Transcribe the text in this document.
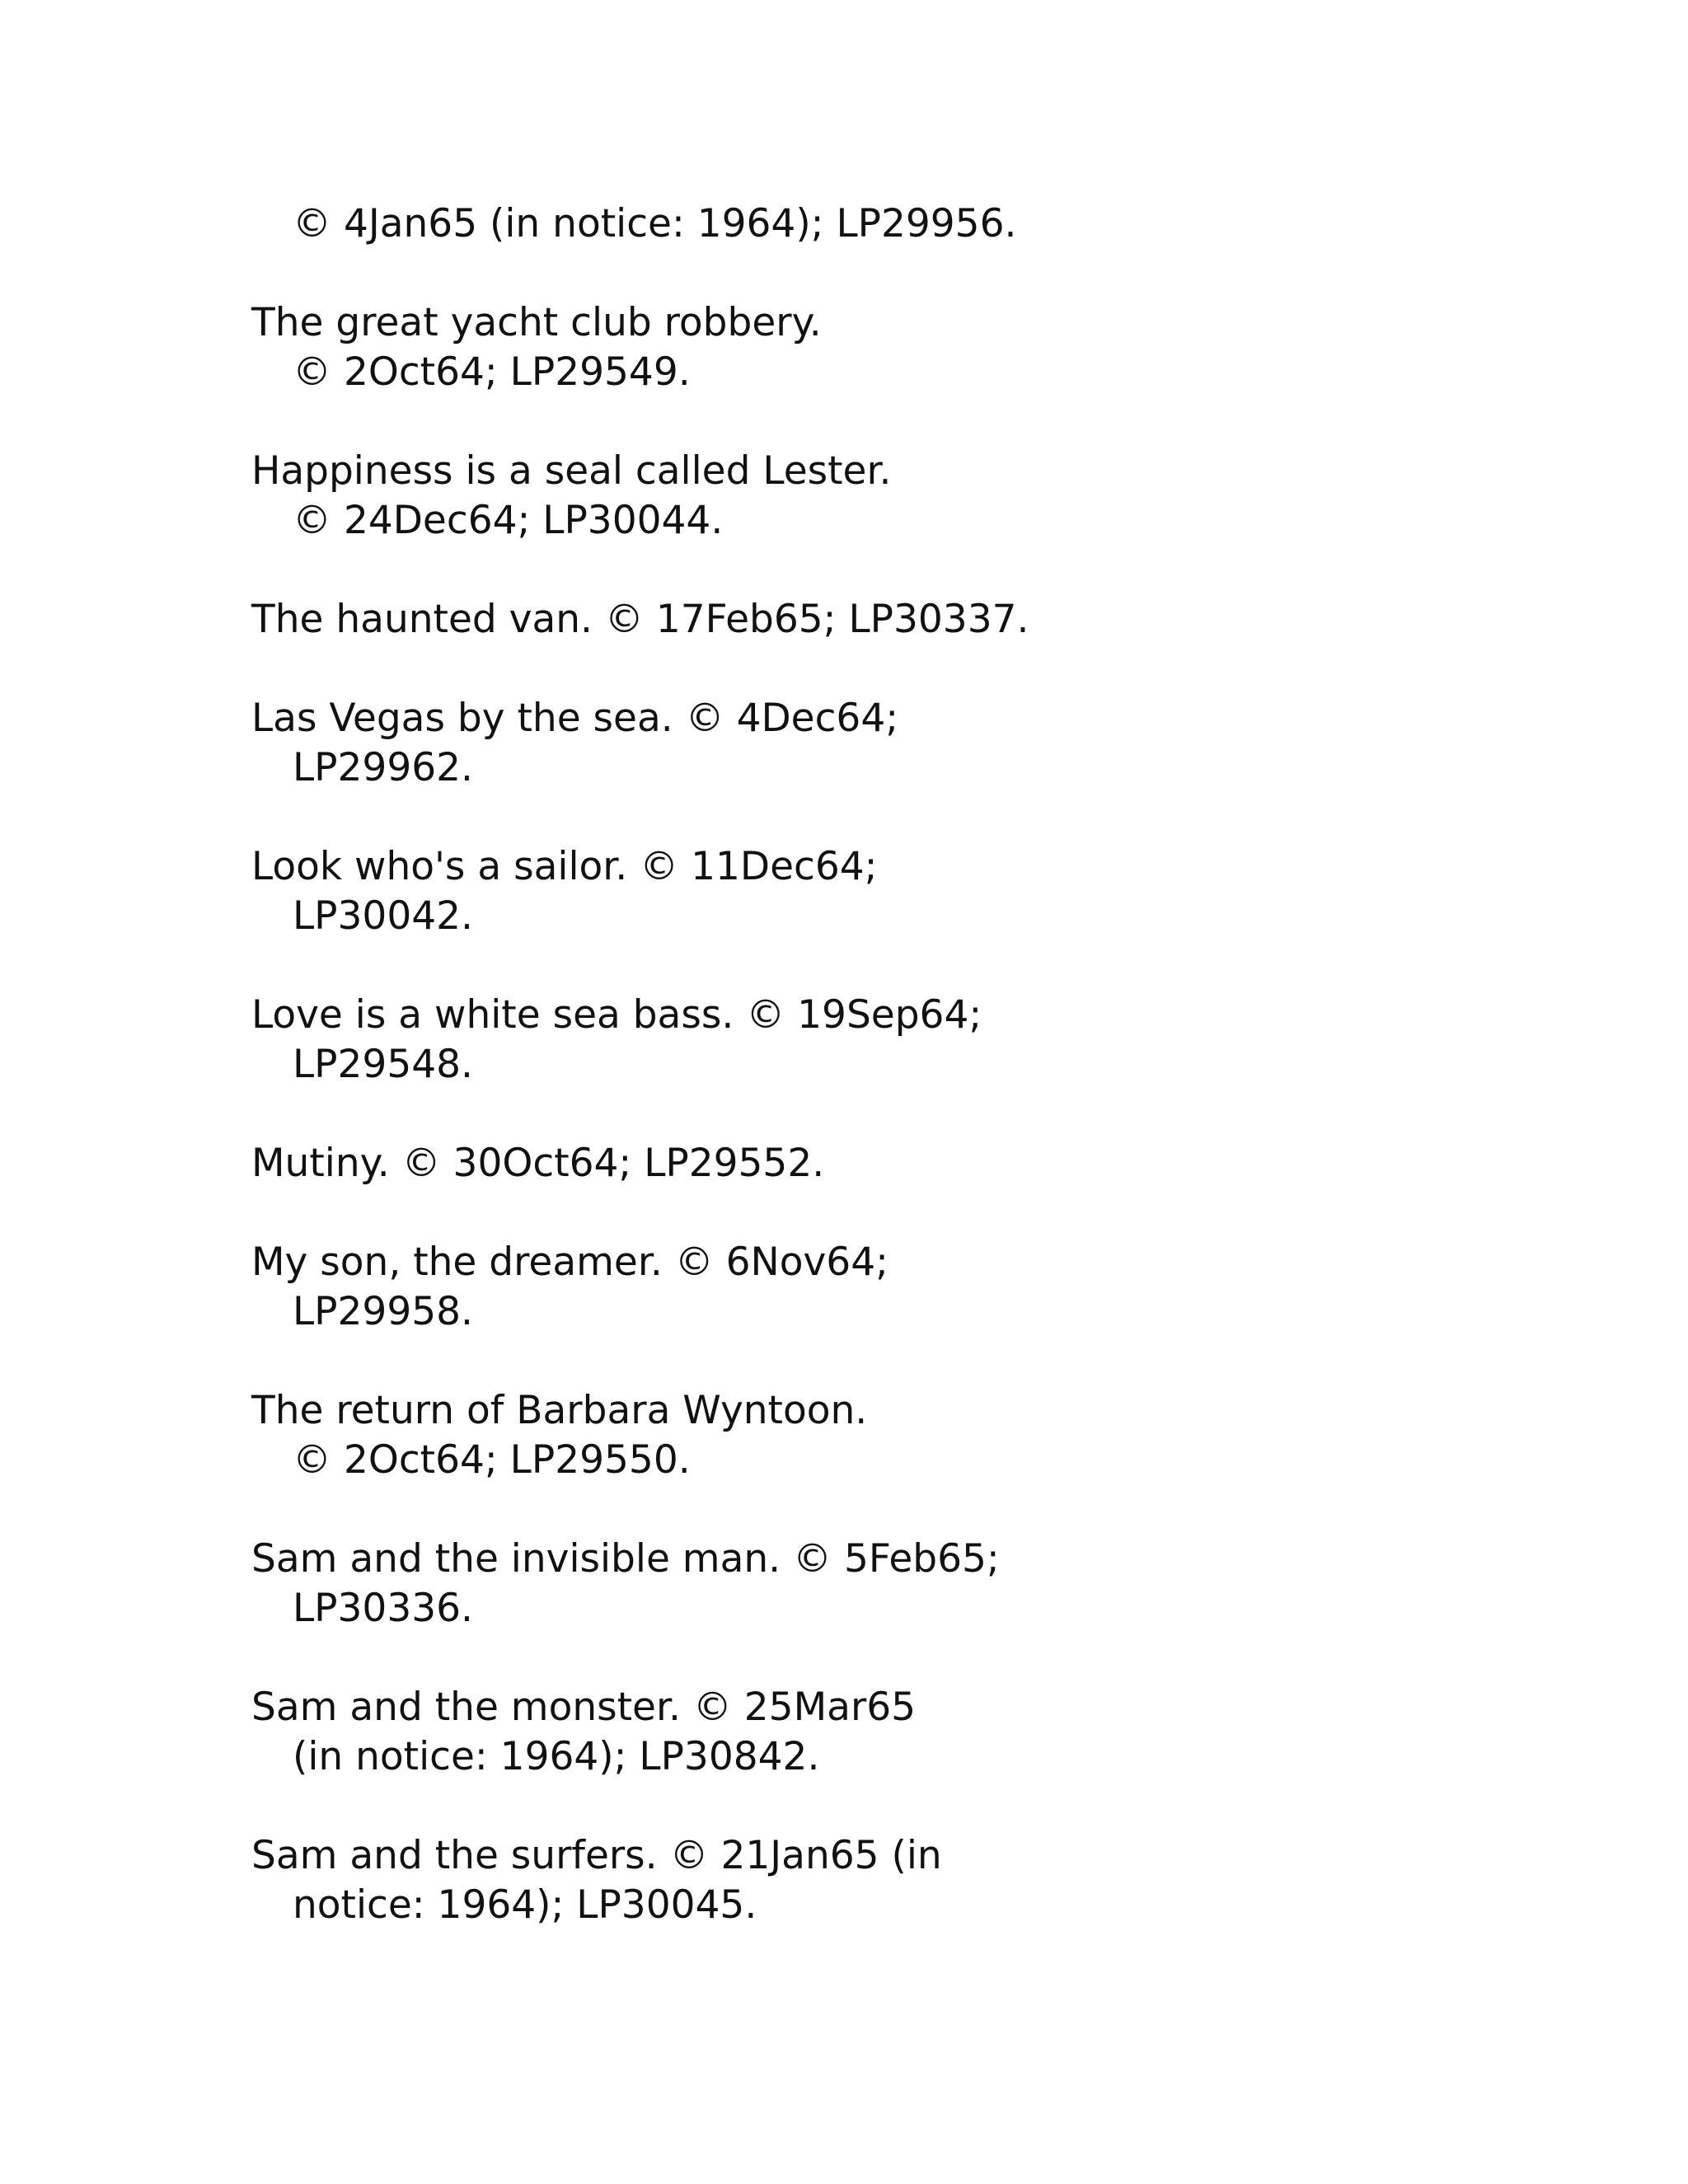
© 4Jan65 (in notice: 1964); LP29956.
The great yacht club robbery.
© 2Oct64; LP29549.
Happiness is a seal called Lester.
© 24Dec64; LP30044.
The haunted van. © 17Feb65; LP30337.
Las Vegas by the sea. © 4Dec64;
LP29962.
Look who's a sailor. © 11Dec64;
LP30042.
Love is a white sea bass. © 19Sep64;
LP29548.
Mutiny. © 30Oct64; LP29552.
My son, the dreamer. © 6Nov64;
LP29958.
The return of Barbara Wyntoon.
© 2Oct64; LP29550.
Sam and the invisible man. © 5Feb65;
LP30336.
Sam and the monster. © 25Mar65
(in notice: 1964); LP30842.
Sam and the surfers. © 21Jan65 (in
notice: 1964); LP30045.
